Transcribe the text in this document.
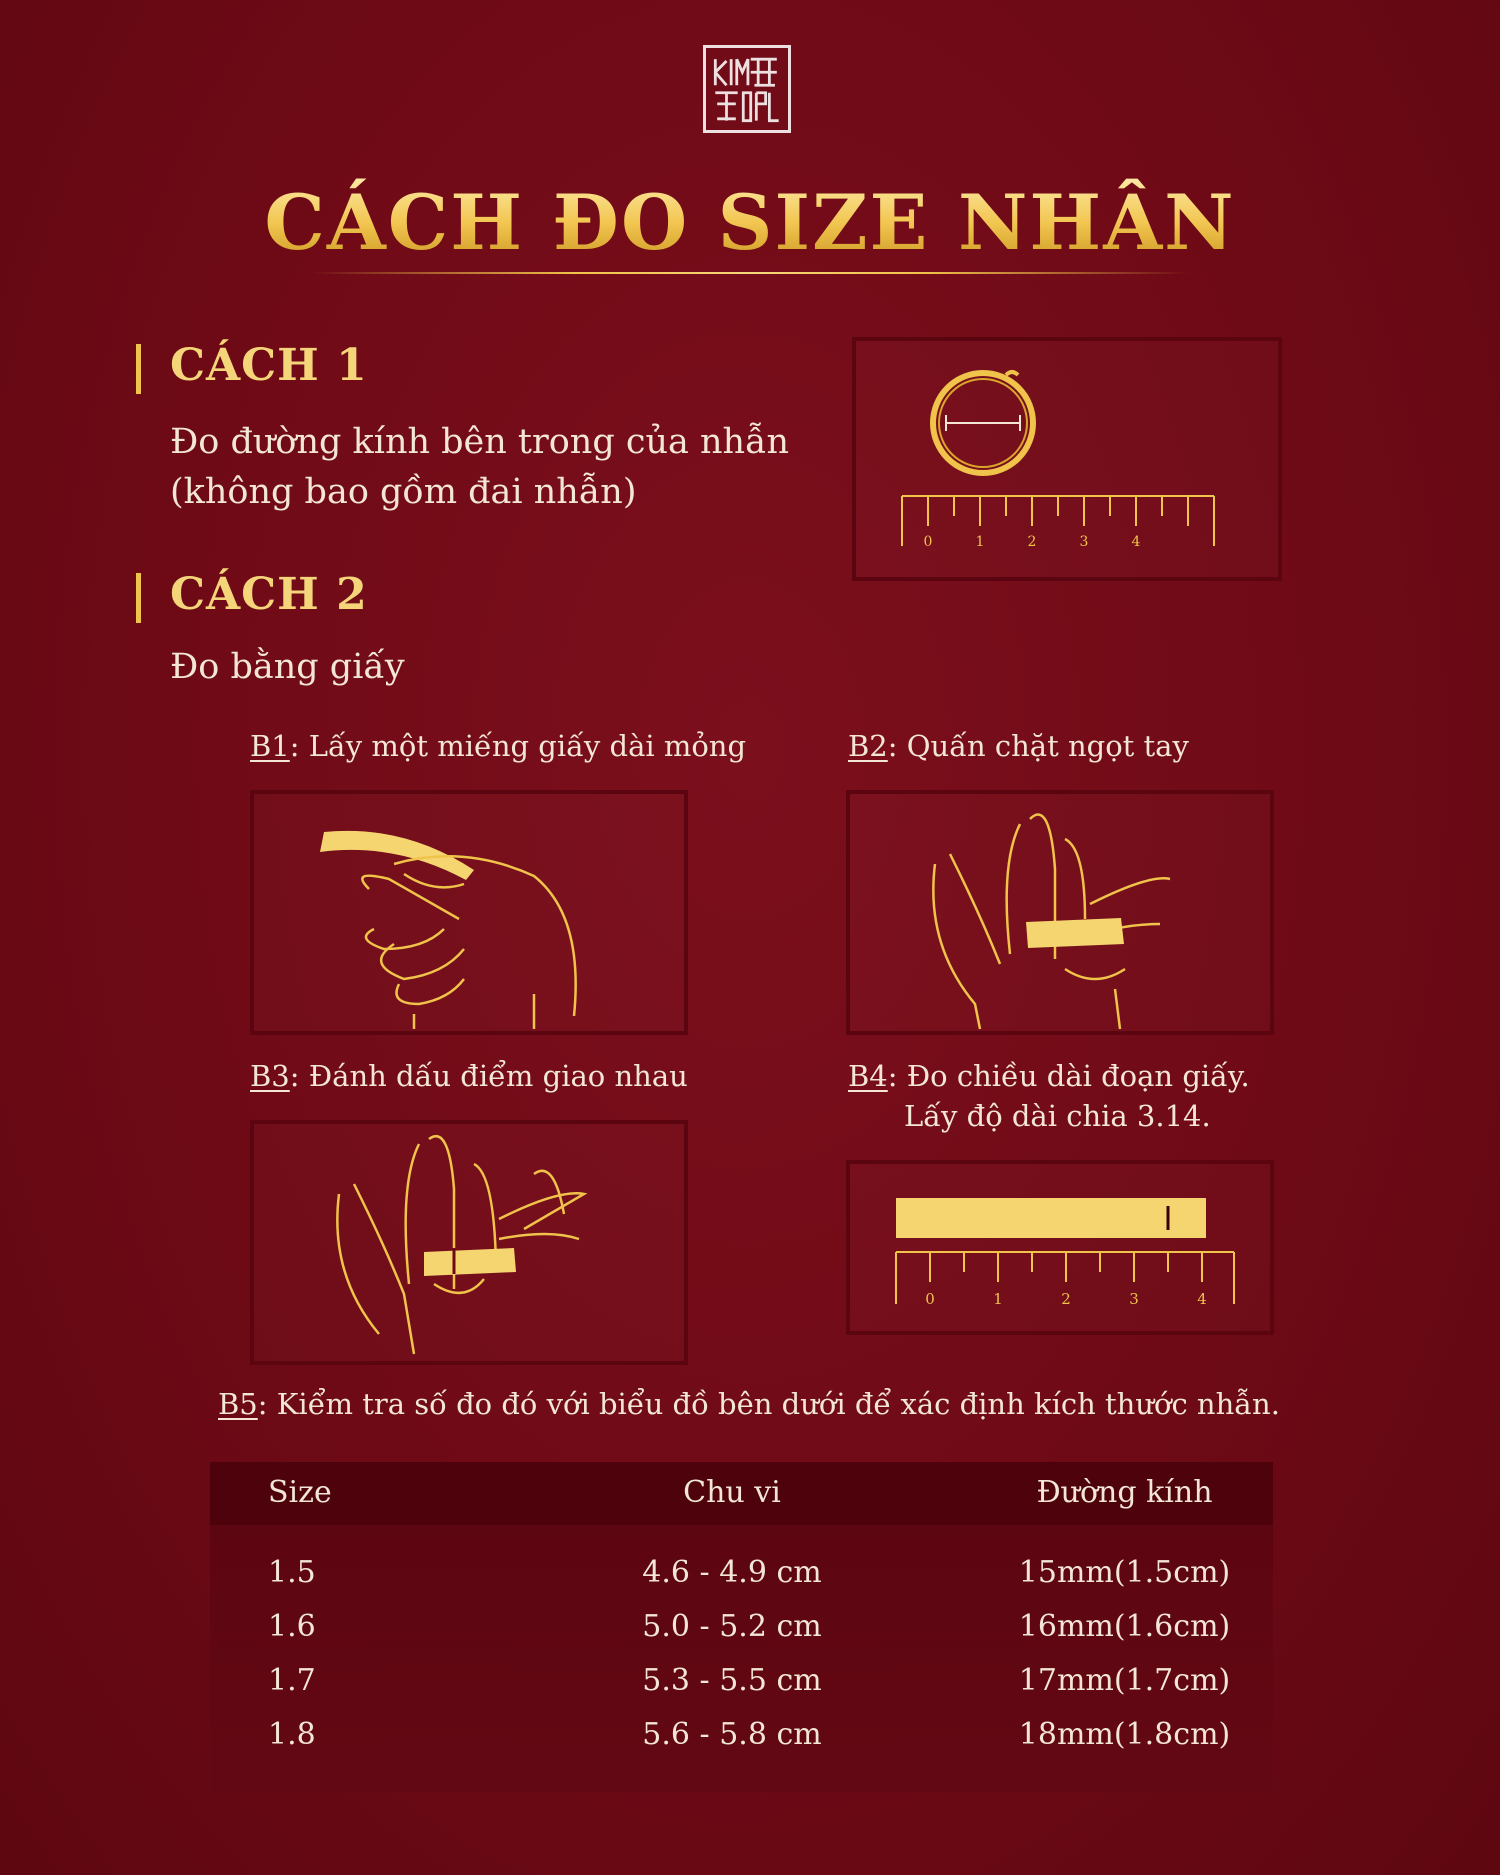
CÁCH ĐO SIZE NHẪN
CÁCH 1
Đo đường kính bên trong của nhẫn
(không bao gồm đai nhẫn)
0	1	2	3	4
CÁCH 2
Đo bằng giấy
B1: Lấy một miếng giấy dài mỏng	B2: Quấn chặt ngọt tay
B3: Đánh dấu điểm giao nhau	B4: Đo chiều dài đoạn giấy.
Lấy độ dài chia 3.14.
0	1	2	3	4
B5: Kiểm tra số đo đó với biểu đồ bên dưới để xác định kích thước nhẫn.
Size	Chu vi	Đường kính
1.5	4.6 - 4.9 cm	15mm(1.5cm)
1.6	5.0 - 5.2 cm	16mm(1.6cm)
1.7	5.3 - 5.5 cm	17mm(1.7cm)
1.8	5.6 - 5.8 cm	18mm(1.8cm)
